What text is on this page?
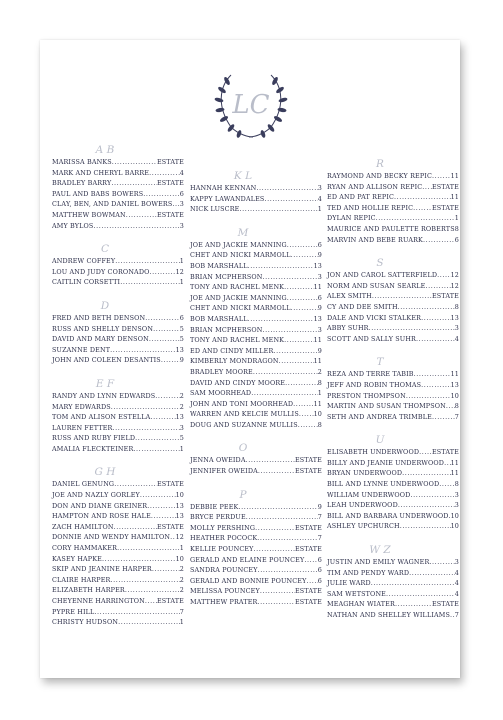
LC
A B
MARISSA BANKS .....	ESTATE
MARK AND CHERYL BARRE .....	4
BRADLEY BARRY .....	ESTATE
PAUL AND BABS BOWERS .....	6
CLAY, BEN, AND DANIEL BOWERS ..... 3
MATTHEW BOWMAN .....	ESTATE
AMY BYLOS .....	3
C
ANDREW COFFEY .....	1
LOU AND JUDY CORONADO .....	12
CAITLIN CORSETTI .....	1
D
FRED AND BETH DENSON .....	6
RUSS AND SHELLY DENSON .....	5
DAVID AND MARY DENSON .....	5
SUZANNE DENT .....	13
JOHN AND COLEEN DESANTIS .....	9
E F
RANDY AND LYNN EDWARDS .....	2
MARY EDWARDS .....	2
TOM AND ALISON ESTELLA .....	13
LAUREN FETTER .....	3
RUSS AND RUBY FIELD .....	5
AMALIA FLECKTEINER .....	1
G H
DANIEL GENUNG .....	ESTATE
JOE AND NAZLY GORLEY .....	10
DON AND DIANE GREINER .....	13
HAMPTON AND ROSE HALE .....	13
ZACH HAMILTON .....	ESTATE
DONNIE AND WENDY HAMILTON ..... 12
CORY HAMMAKER .....	1
KASEY HAPKE .....	10
SKIP AND JEANINE HARPER .....	2
CLAIRE HARPER .....	2
ELIZABETH HARPER .....	2
CHEYENNE HARRINGTON ..... ESTATE
PYPRE HILL .....	7
CHRISTY HUDSON .....	1
K L
HANNAH KENNAN .....	3
KAPPY LAWANDALES .....	4
NICK LUSCRE .....	1
M
JOE AND JACKIE MANNING .....	6
CHET AND NICKI MARMOLL .....	9
BOB MARSHALL .....	13
BRIAN MCPHERSON .....	3
TONY AND RACHEL MENK .....	11
JOE AND JACKIE MANNING .....	6
CHET AND NICKI MARMOLL .....	9
BOB MARSHALL .....	13
BRIAN MCPHERSON .....	3
TONY AND RACHEL MENK .....	11
ED AND CINDY MILLER .....	9
KIMBERLY MONDRAGON .....	11
BRADLEY MOORE .....	2
DAVID AND CINDY MOORE .....	8
SAM MOORHEAD .....	1
JOHN AND TONI MOORHEAD .....	11
WARREN AND KELCIE MULLIS ..... 10
DOUG AND SUZANNE MULLIS .....	8
O
JENNA OWEIDA .....	ESTATE
JENNIFER OWEIDA .....	ESTATE
P
DEBBIE PEEK .....	9
BRYCE PERDUE .....	7
MOLLY PERSHING .....	ESTATE
HEATHER POCOCK .....	7
KELLIE POUNCEY .....	ESTATE
GERALD AND ELAINE POUNCEY ..... 6
SANDRA POUNCEY .....	6
GERALD AND BONNIE POUNCEY ..... 6
MELISSA POUNCEY .....	ESTATE
MATTHEW PRATER .....	ESTATE
R
RAYMOND AND BECKY REPIC .....	11
RYAN AND ALLISON REPIC ..... ESTATE
ED AND PAT REPIC .....	11
TED AND HOLLIE REPIC .....	ESTATE
DYLAN REPIC .....	1
MAURICE AND PAULETTE ROBERTS ..... 8
MARVIN AND BEBE RUARK .....	6
S
JON AND CAROL SATTERFIELD ..... 12
NORM AND SUSAN SEARLE .....	12
ALEX SMITH .....	ESTATE
CY AND DEE SMITH .....	8
DALE AND VICKI STALKER .....	13
ABBY SUHR .....	3
SCOTT AND SALLY SUHR .....	4
T
REZA AND TERRE TABIB .....	11
JEFF AND ROBIN THOMAS .....	13
PRESTON THOMPSON .....	10
MARTIN AND SUSAN THOMPSON ..... 8
SETH AND ANDREA TRIMBLE .....	7
U
ELISABETH UNDERWOOD ..... ESTATE
BILLY AND JEANIE UNDERWOOD ..... 11
BRYAN UNDERWOOD .....	11
BILL AND LYNNE UNDERWOOD ..... 8
WILLIAM UNDERWOOD .....	3
LEAH UNDERWOOD .....	3
BILL AND BARBARA UNDERWOOD ..... 10
ASHLEY UPCHURCH .....	10
W Z
JUSTIN AND EMILY WAGNER .....	3
TIM AND PENDY WARD .....	4
JULIE WARD .....	4
SAM WETSTONE .....	4
MEAGHAN WIATER .....	ESTATE
NATHAN AND SHELLEY WILLIAMS ..... 7
